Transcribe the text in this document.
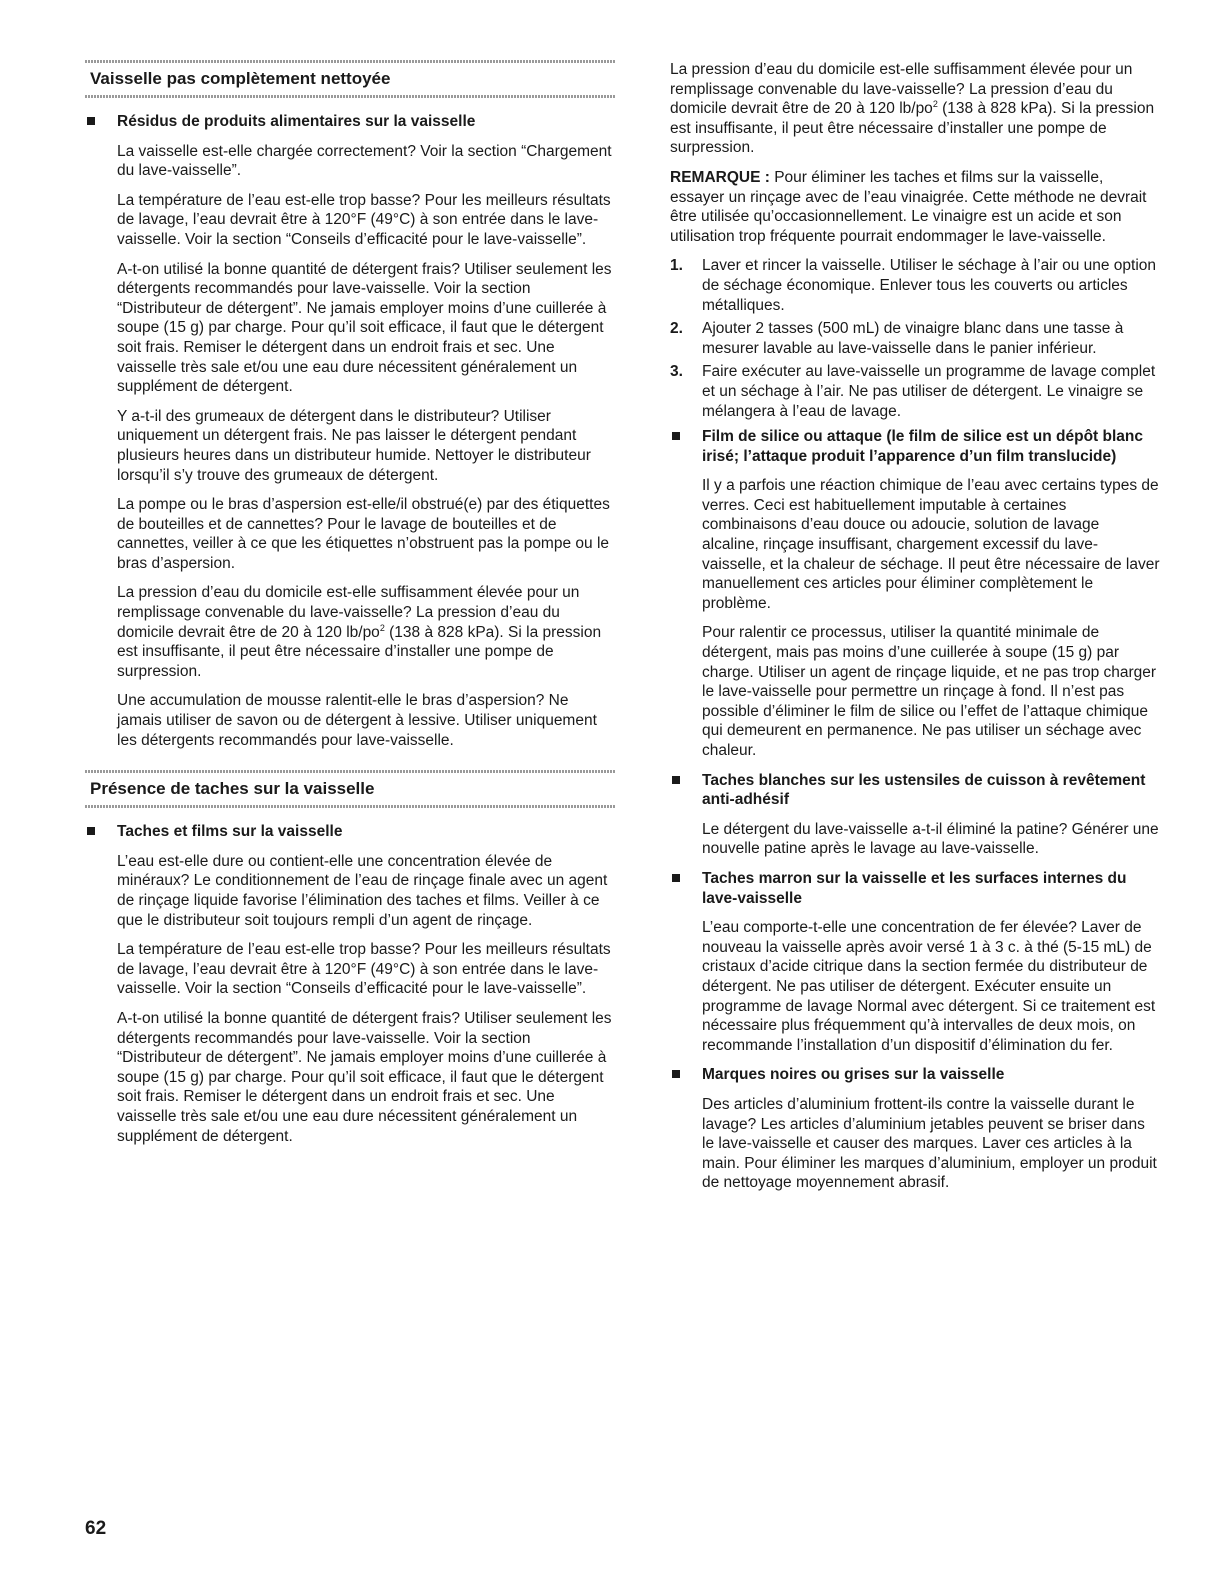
Vaisselle pas complètement nettoyée
Résidus de produits alimentaires sur la vaisselle

La vaisselle est-elle chargée correctement? Voir la section “Chargement du lave-vaisselle”.

La température de l’eau est-elle trop basse? Pour les meilleurs résultats de lavage, l’eau devrait être à 120°F (49°C) à son entrée dans le lave-vaisselle. Voir la section “Conseils d’efficacité pour le lave-vaisselle”.

A-t-on utilisé la bonne quantité de détergent frais? Utiliser seulement les détergents recommandés pour lave-vaisselle. Voir la section “Distributeur de détergent”. Ne jamais employer moins d’une cuillerée à soupe (15 g) par charge. Pour qu’il soit efficace, il faut que le détergent soit frais. Remiser le détergent dans un endroit frais et sec. Une vaisselle très sale et/ou une eau dure nécessitent généralement un supplément de détergent.

Y a-t-il des grumeaux de détergent dans le distributeur? Utiliser uniquement un détergent frais. Ne pas laisser le détergent pendant plusieurs heures dans un distributeur humide. Nettoyer le distributeur lorsqu’il s’y trouve des grumeaux de détergent.

La pompe ou le bras d’aspersion est-elle/il obstrué(e) par des étiquettes de bouteilles et de cannettes? Pour le lavage de bouteilles et de cannettes, veiller à ce que les étiquettes n’obstruent pas la pompe ou le bras d’aspersion.

La pression d’eau du domicile est-elle suffisamment élevée pour un remplissage convenable du lave-vaisselle? La pression d’eau du domicile devrait être de 20 à 120 $lb/po^2$ (138 à 828 kPa). Si la pression est insuffisante, il peut être nécessaire d’installer une pompe de surpression.

Une accumulation de mousse ralentit-elle le bras d’aspersion? Ne jamais utiliser de savon ou de détergent à lessive. Utiliser uniquement les détergents recommandés pour lave-vaisselle.

Présence de taches sur la vaisselle
Taches et films sur la vaisselle

L’eau est-elle dure ou contient-elle une concentration élevée de minéraux? Le conditionnement de l’eau de rinçage finale avec un agent de rinçage liquide favorise l’élimination des taches et films. Veiller à ce que le distributeur soit toujours rempli d’un agent de rinçage.

La température de l’eau est-elle trop basse? Pour les meilleurs résultats de lavage, l’eau devrait être à 120°F (49°C) à son entrée dans le lave-vaisselle. Voir la section “Conseils d’efficacité pour le lave-vaisselle”.

A-t-on utilisé la bonne quantité de détergent frais? Utiliser seulement les détergents recommandés pour lave-vaisselle. Voir la section “Distributeur de détergent”. Ne jamais employer moins d’une cuillerée à soupe (15 g) par charge. Pour qu’il soit efficace, il faut que le détergent soit frais. Remiser le détergent dans un endroit frais et sec. Une vaisselle très sale et/ou une eau dure nécessitent généralement un supplément de détergent.

La pression d’eau du domicile est-elle suffisamment élevée pour un remplissage convenable du lave-vaisselle? La pression d’eau du domicile devrait être de 20 à 120 $lb/po^2$ (138 à 828 kPa). Si la pression est insuffisante, il peut être nécessaire d’installer une pompe de surpression.

REMARQUE : Pour éliminer les taches et films sur la vaisselle, essayer un rinçage avec de l’eau vinaigrée. Cette méthode ne devrait être utilisée qu’occasionnellement. Le vinaigre est un acide et son utilisation trop fréquente pourrait endommager le lave-vaisselle.

1. Laver et rincer la vaisselle. Utiliser le séchage à l’air ou une option de séchage économique. Enlever tous les couverts ou articles métalliques.
2. Ajouter 2 tasses (500 mL) de vinaigre blanc dans une tasse à mesurer lavable au lave-vaisselle dans le panier inférieur.
3. Faire exécuter au lave-vaisselle un programme de lavage complet et un séchage à l’air. Ne pas utiliser de détergent. Le vinaigre se mélangera à l’eau de lavage.
Film de silice ou attaque (le film de silice est un dépôt blanc irisé; l’attaque produit l’apparence d’un film translucide)

Il y a parfois une réaction chimique de l’eau avec certains types de verres. Ceci est habituellement imputable à certaines combinaisons d’eau douce ou adoucie, solution de lavage alcaline, rinçage insuffisant, chargement excessif du lave-vaisselle, et la chaleur de séchage. Il peut être nécessaire de laver manuellement ces articles pour éliminer complètement le problème.

Pour ralentir ce processus, utiliser la quantité minimale de détergent, mais pas moins d’une cuillerée à soupe (15 g) par charge. Utiliser un agent de rinçage liquide, et ne pas trop charger le lave-vaisselle pour permettre un rinçage à fond. Il n’est pas possible d’éliminer le film de silice ou l’effet de l’attaque chimique qui demeurent en permanence. Ne pas utiliser un séchage avec chaleur.

Taches blanches sur les ustensiles de cuisson à revêtement anti-adhésif

Le détergent du lave-vaisselle a-t-il éliminé la patine? Générer une nouvelle patine après le lavage au lave-vaisselle.

Taches marron sur la vaisselle et les surfaces internes du lave-vaisselle

L’eau comporte-t-elle une concentration de fer élevée? Laver de nouveau la vaisselle après avoir versé 1 à 3 c. à thé (5-15 mL) de cristaux d’acide citrique dans la section fermée du distributeur de détergent. Ne pas utiliser de détergent. Exécuter ensuite un programme de lavage Normal avec détergent. Si ce traitement est nécessaire plus fréquemment qu’à intervalles de deux mois, on recommande l’installation d’un dispositif d’élimination du fer.

Marques noires ou grises sur la vaisselle

Des articles d’aluminium frottent-ils contre la vaisselle durant le lavage? Les articles d’aluminium jetables peuvent se briser dans le lave-vaisselle et causer des marques. Laver ces articles à la main. Pour éliminer les marques d’aluminium, employer un produit de nettoyage moyennement abrasif.

62
